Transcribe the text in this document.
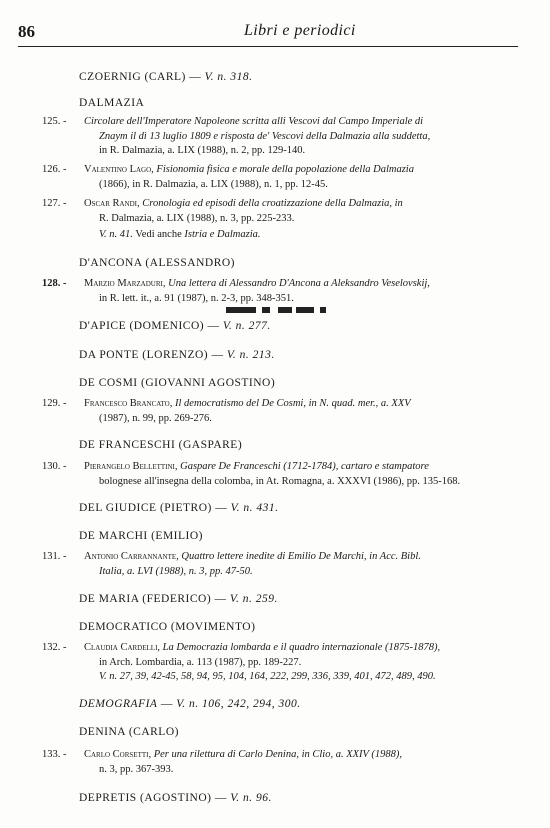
86	Libri e periodici
CZOERNIG (CARL) — V. n. 318.
DALMAZIA
125. - Circolare dell'Imperatore Napoleone scritta alli Vescovi dal Campo Imperiale di
Znaym il dì 13 luglio 1809 e risposta de' Vescovi della Dalmazia alla suddetta,
in R. Dalmazia, a. LIX (1988), n. 2, pp. 129-140.
126. - Valentino Lago, Fisionomia fisica e morale della popolazione della Dalmazia
(1866), in R. Dalmazia, a. LIX (1988), n. 1, pp. 12-45.
127. - Oscar Randi, Cronologia ed episodi della croatizzazione della Dalmazia, in
R. Dalmazia, a. LIX (1988), n. 3, pp. 225-233.
V. n. 41. Vedi anche Istria e Dalmazia.
D'ANCONA (ALESSANDRO)
128. - Marzio Marzaduri, Una lettera di Alessandro D'Ancona a Aleksandro Veselovskij,
in R. lett. it., a. 91 (1987), n. 2-3, pp. 348-351.
D'APICE (DOMENICO) — V. n. 277.
DA PONTE (LORENZO) — V. n. 213.
DE COSMI (GIOVANNI AGOSTINO)
129. - Francesco Brancato, Il democratismo del De Cosmi, in N. quad. mer., a. XXV
(1987), n. 99, pp. 269-276.
DE FRANCESCHI (GASPARE)
130. - Pierangelo Bellettini, Gaspare De Franceschi (1712-1784), cartaro e stampatore
bolognese all'insegna della colomba, in At. Romagna, a. XXXVI (1986), pp. 135-168.
DEL GIUDICE (PIETRO) — V. n. 431.
DE MARCHI (EMILIO)
131. - Antonio Carrannante, Quattro lettere inedite di Emilio De Marchi, in Acc. Bibl.
Italia, a. LVI (1988), n. 3, pp. 47-50.
DE MARIA (FEDERICO) — V. n. 259.
DEMOCRATICO (MOVIMENTO)
132. - Claudia Cardelli, La Democrazia lombarda e il quadro internazionale (1875-1878),
in Arch. Lombardia, a. 113 (1987), pp. 189-227.
V. n. 27, 39, 42-45, 58, 94, 95, 104, 164, 222, 299, 336, 339, 401, 472, 489, 490.
DEMOGRAFIA — V. n. 106, 242, 294, 300.
DENINA (CARLO)
133. - Carlo Corsetti, Per una rilettura di Carlo Denina, in Clio, a. XXIV (1988),
n. 3, pp. 367-393.
DEPRETIS (AGOSTINO) — V. n. 96.
